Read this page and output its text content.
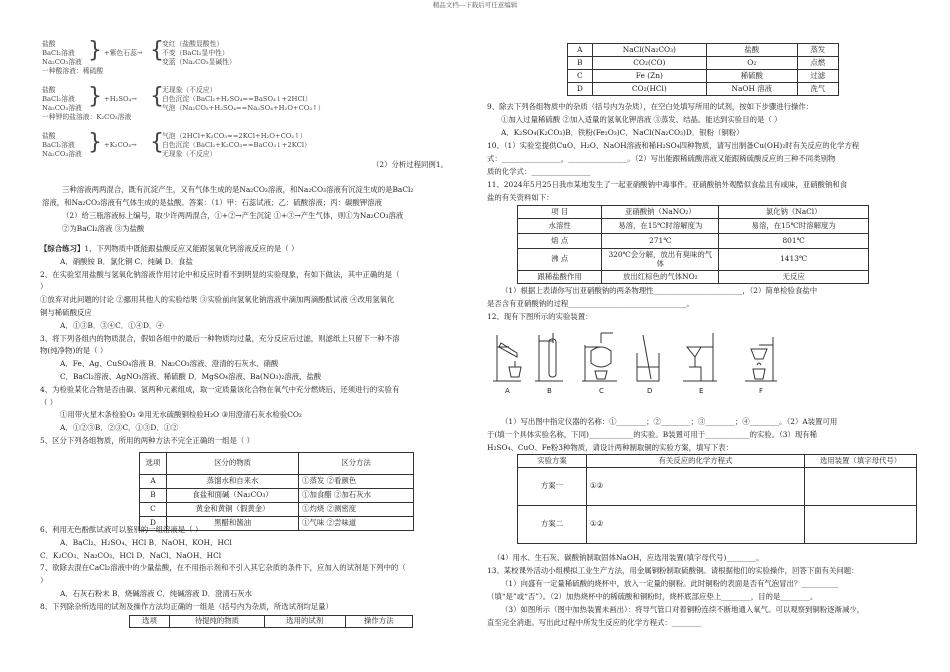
精品文档---下载后可任意编辑
盐酸
BaCl₂溶液
Na₂CO₃溶液
一种酸溶液：稀硫酸
} +紫色石蕊→ {
变红（盐酸显酸性）
不变（BaCl₂显中性）
变蓝（Na₂CO₃显碱性）
盐酸
BaCl₂溶液
Na₂CO₃溶液
一种钾的盐溶液：K₂CO₃溶液
} +H₂SO₄→ {
无现象（不反应）
白色沉淀（BaCl₂+H₂SO₄==BaSO₄↓+2HCl）
气泡（Na₂CO₃+H₂SO₄==Na₂SO₄+H₂O+CO₂↑）
盐酸
BaCl₂溶液
Na₂CO₃溶液 } +K₂CO₃→ {
气泡（2HCl+K₂CO₃==2KCl+H₂O+CO₂↑）
白色沉淀（BaCl₂+K₂CO₃==BaCO₃↓+2KCl）
无现象（不反应）
（2）分析过程同例1。

三种溶液两两混合，既有沉淀产生，又有气体生成的是Na₂CO₃溶液，和Na₂CO₃溶液有沉淀生成的是BaCl₂

溶液，和Na₂CO₃溶液有气体生成的是盐酸。答案：（1）甲：石蕊试液；乙：硫酸溶液；丙：碳酸钾溶液

（2）给三瓶溶液标上编号，取少许两两混合，①+②→产生沉淀 ①+③→产生气体，则①为Na₂CO₃溶液

②为BaCl₂溶液 ③为盐酸

【综合练习】1、下列物质中既能跟盐酸反应又能跟氢氧化钙溶液反应的是（ ）

A．硝酸铵 B．氯化铜 C．纯碱 D．食盐

2、在实验室用盐酸与氢氧化钠溶液作用讨论中和反应时看不到明显的实验现象，有如下做法，其中正确的是（

）

①放弃对此问题的讨论 ②挪用其他人的实验结果 ③实验前向氢氧化钠溶液中滴加两滴酚酞试液 ④改用氢氧化

铜与稀硫酸反应

A．①③B．③④C．①④D．④

3、将下列各组内的物质混合，假如各组中的最后一种物质均过量，充分反应后过滤，则滤纸上只留下一种不溶

物(纯净物)的是（ ）

A．Fe、Ag、CuSO₄溶液 B．Na₂CO₃溶液、澄清的石灰水、硝酸

C．BaCl₂溶液、AgNO₃溶液、稀硫酸 D．MgSO₄溶液、Ba(NO₃)₂溶液、盐酸

4、为检验某化合物是否由碳、氢两种元素组成，取一定质量该化合物在氧气中充分燃烧后，还须进行的实验有

（ ）

①用带火星木条检验O₂ ②用无水硫酸铜检验H₂O ③用澄清石灰水检验CO₂

A．①②③B．②③C．①③D．①②

5、区分下列各组物质，所用的两种方法不完全正确的一组是（ ）

选项	区分的物质	区分方法
A	蒸馏水和自来水	①蒸发 ②看颜色
B	食盐和面碱（Na₂CO₃）	①加食醋 ②加石灰水
C	黄金和黄铜（假黄金）	①灼烧 ②测密度
D	黑醋和酱油	①气味 ②尝味道

6、利用无色酚酞试液可以鉴别的一组溶液是（ ）

A．BaCl₂、H₂SO₄、HCl B．NaOH、KOH、HCl

C．K₂CO₃、Na₂CO₃、HCl D．NaCl、NaOH、HCl

7、欲除去混在CaCl₂溶液中的少量盐酸，在不用指示剂和不引入其它杂质的条件下，应加入的试剂是下列中的（

）

A．石灰石粉末 B．烧碱溶液 C．纯碱溶液 D．澄清石灰水

8、下列除杂所选用的试剂及操作方法均正确的一组是（括号内为杂质，所选试剂均足量）

选项	待提纯的物质	选用的试剂	操作方法
A	NaCl(Na₂CO₃)	盐酸	蒸发
B	CO₂(CO)	O₂	点燃
C	Fe (Zn)	稀硫酸	过滤
D	CO₂(HCl)	NaOH 溶液	洗气

9、除去下列各组物质中的杂质（括号内为杂质），在空白处填写所用的试剂，按如下步骤进行操作：

①加入过量稀硫酸 ②加入适量的氢氧化钾溶液 ③蒸发、结晶。能达到实验目的是（ ）

A．K₂SO₄(K₂CO₃)B．铁粉(Fe₂O₃)C．NaCl(Na₂CO₃)D．银粉（铜粉）

10、（1）实验室提供CuO、H₂O、NaOH溶液和稀H₂SO₄四种物质，请写出制备Cu(OH)₂时有关反应的化学方程

式：________________，________________。（2）写出能跟稀硫酸溶液又能跟稀硫酸反应的三种不同类别物

质的化学式：________________

11、2024年5月25日我市某地发生了一起亚硝酸钠中毒事件。亚硝酸钠外观酷似食盐且有咸味，亚硝酸钠和食

盐的有关资料如下：

项 目	亚硝酸钠（NaNO₂）	氯化钠（NaCl）
水溶性	易溶，在15℃时溶解度为	易溶，在15℃时溶解度为
熔 点	271℃	801℃
沸 点	320℃会分解，放出有臭味的气体	1413℃
跟稀盐酸作用	放出红棕色的气体NO₂	无反应

（1）根据上表请你写出亚硝酸钠的两条物理性________________________，（2）简单检验食盐中

是否含有亚硝酸钠的过程________________________________。

12、现有下图所示的实验装置：

A	B	C	D	E	F

（1）写出图中指定仪器的名称：①________；②________；③________；④________。（2）A装置可用

于(填一个具体实验名称，下同)____________的实验。B装置可用于____________的实验。（3）现有稀

H₂SO₄、CuO、Fe粉3种物质，请设计两种制取铜的实验方案，填写下表：

实验方案	有关反应的化学方程式	选用装置（填字母代号）
方案一	①②	
方案二	①②	

（4）用水、生石灰、碳酸钠制取固体NaOH，应选用装置(填字母代号)________。

13、某校课外活动小组模拟工业生产方法，用金属铜粉制取硫酸铜。请根据他们的实验操作，回答下面有关问题：

（1）向盛有一定量稀硫酸的烧杯中，放入一定量的铜粉。此时铜粉的表面是否有气泡冒出？__________

（填“是”或“否”）。（2）加热烧杯中的稀硫酸和铜粉时，烧杯底部应垫上________，目的是________。

（3）如图所示（图中加热装置未画出）：将导气管口对着铜粉连续不断地通入氧气。可以观察到铜粉逐渐减少，

直至完全消逝。写出此过程中所发生反应的化学方程式：________
